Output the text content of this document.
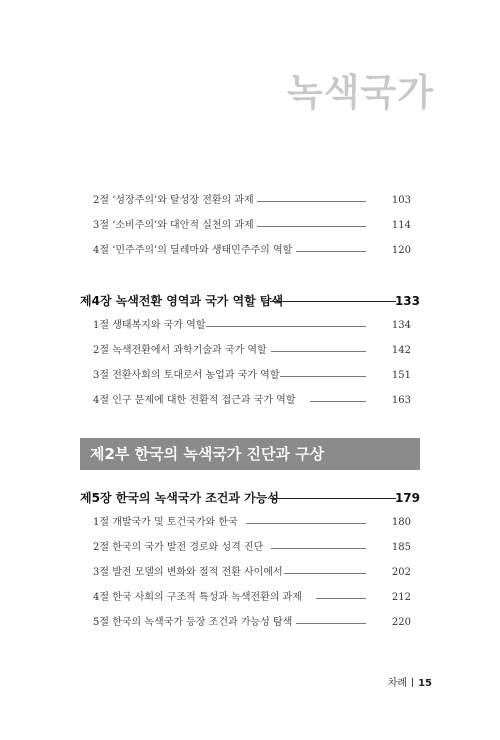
녹색국가
2절 ‘성장주의’와 탈성장 전환의 과제	103
3절 ‘소비주의’와 대안적 실천의 과제	114
4절 ‘민주주의’의 딜레마와 생태민주주의 역할	120
제4장 녹색전환 영역과 국가 역할 탐색	133
1절 생태복지와 국가 역할	134
2절 녹색전환에서 과학기술과 국가 역할	142
3절 전환사회의 토대로서 농업과 국가 역할	151
4절 인구 문제에 대한 전환적 접근과 국가 역할	163
제2부 한국의 녹색국가 진단과 구상
제5장 한국의 녹색국가 조건과 가능성	179
1절 개발국가 및 토건국가와 한국	180
2절 한국의 국가 발전 경로와 성격 진단	185
3절 발전 모델의 변화와 절적 전환 사이에서	202
4절 한국 사회의 구조적 특성과 녹색전환의 과제	212
5절 한국의 녹색국가 등장 조건과 가능성 탐색	220
차례 15
